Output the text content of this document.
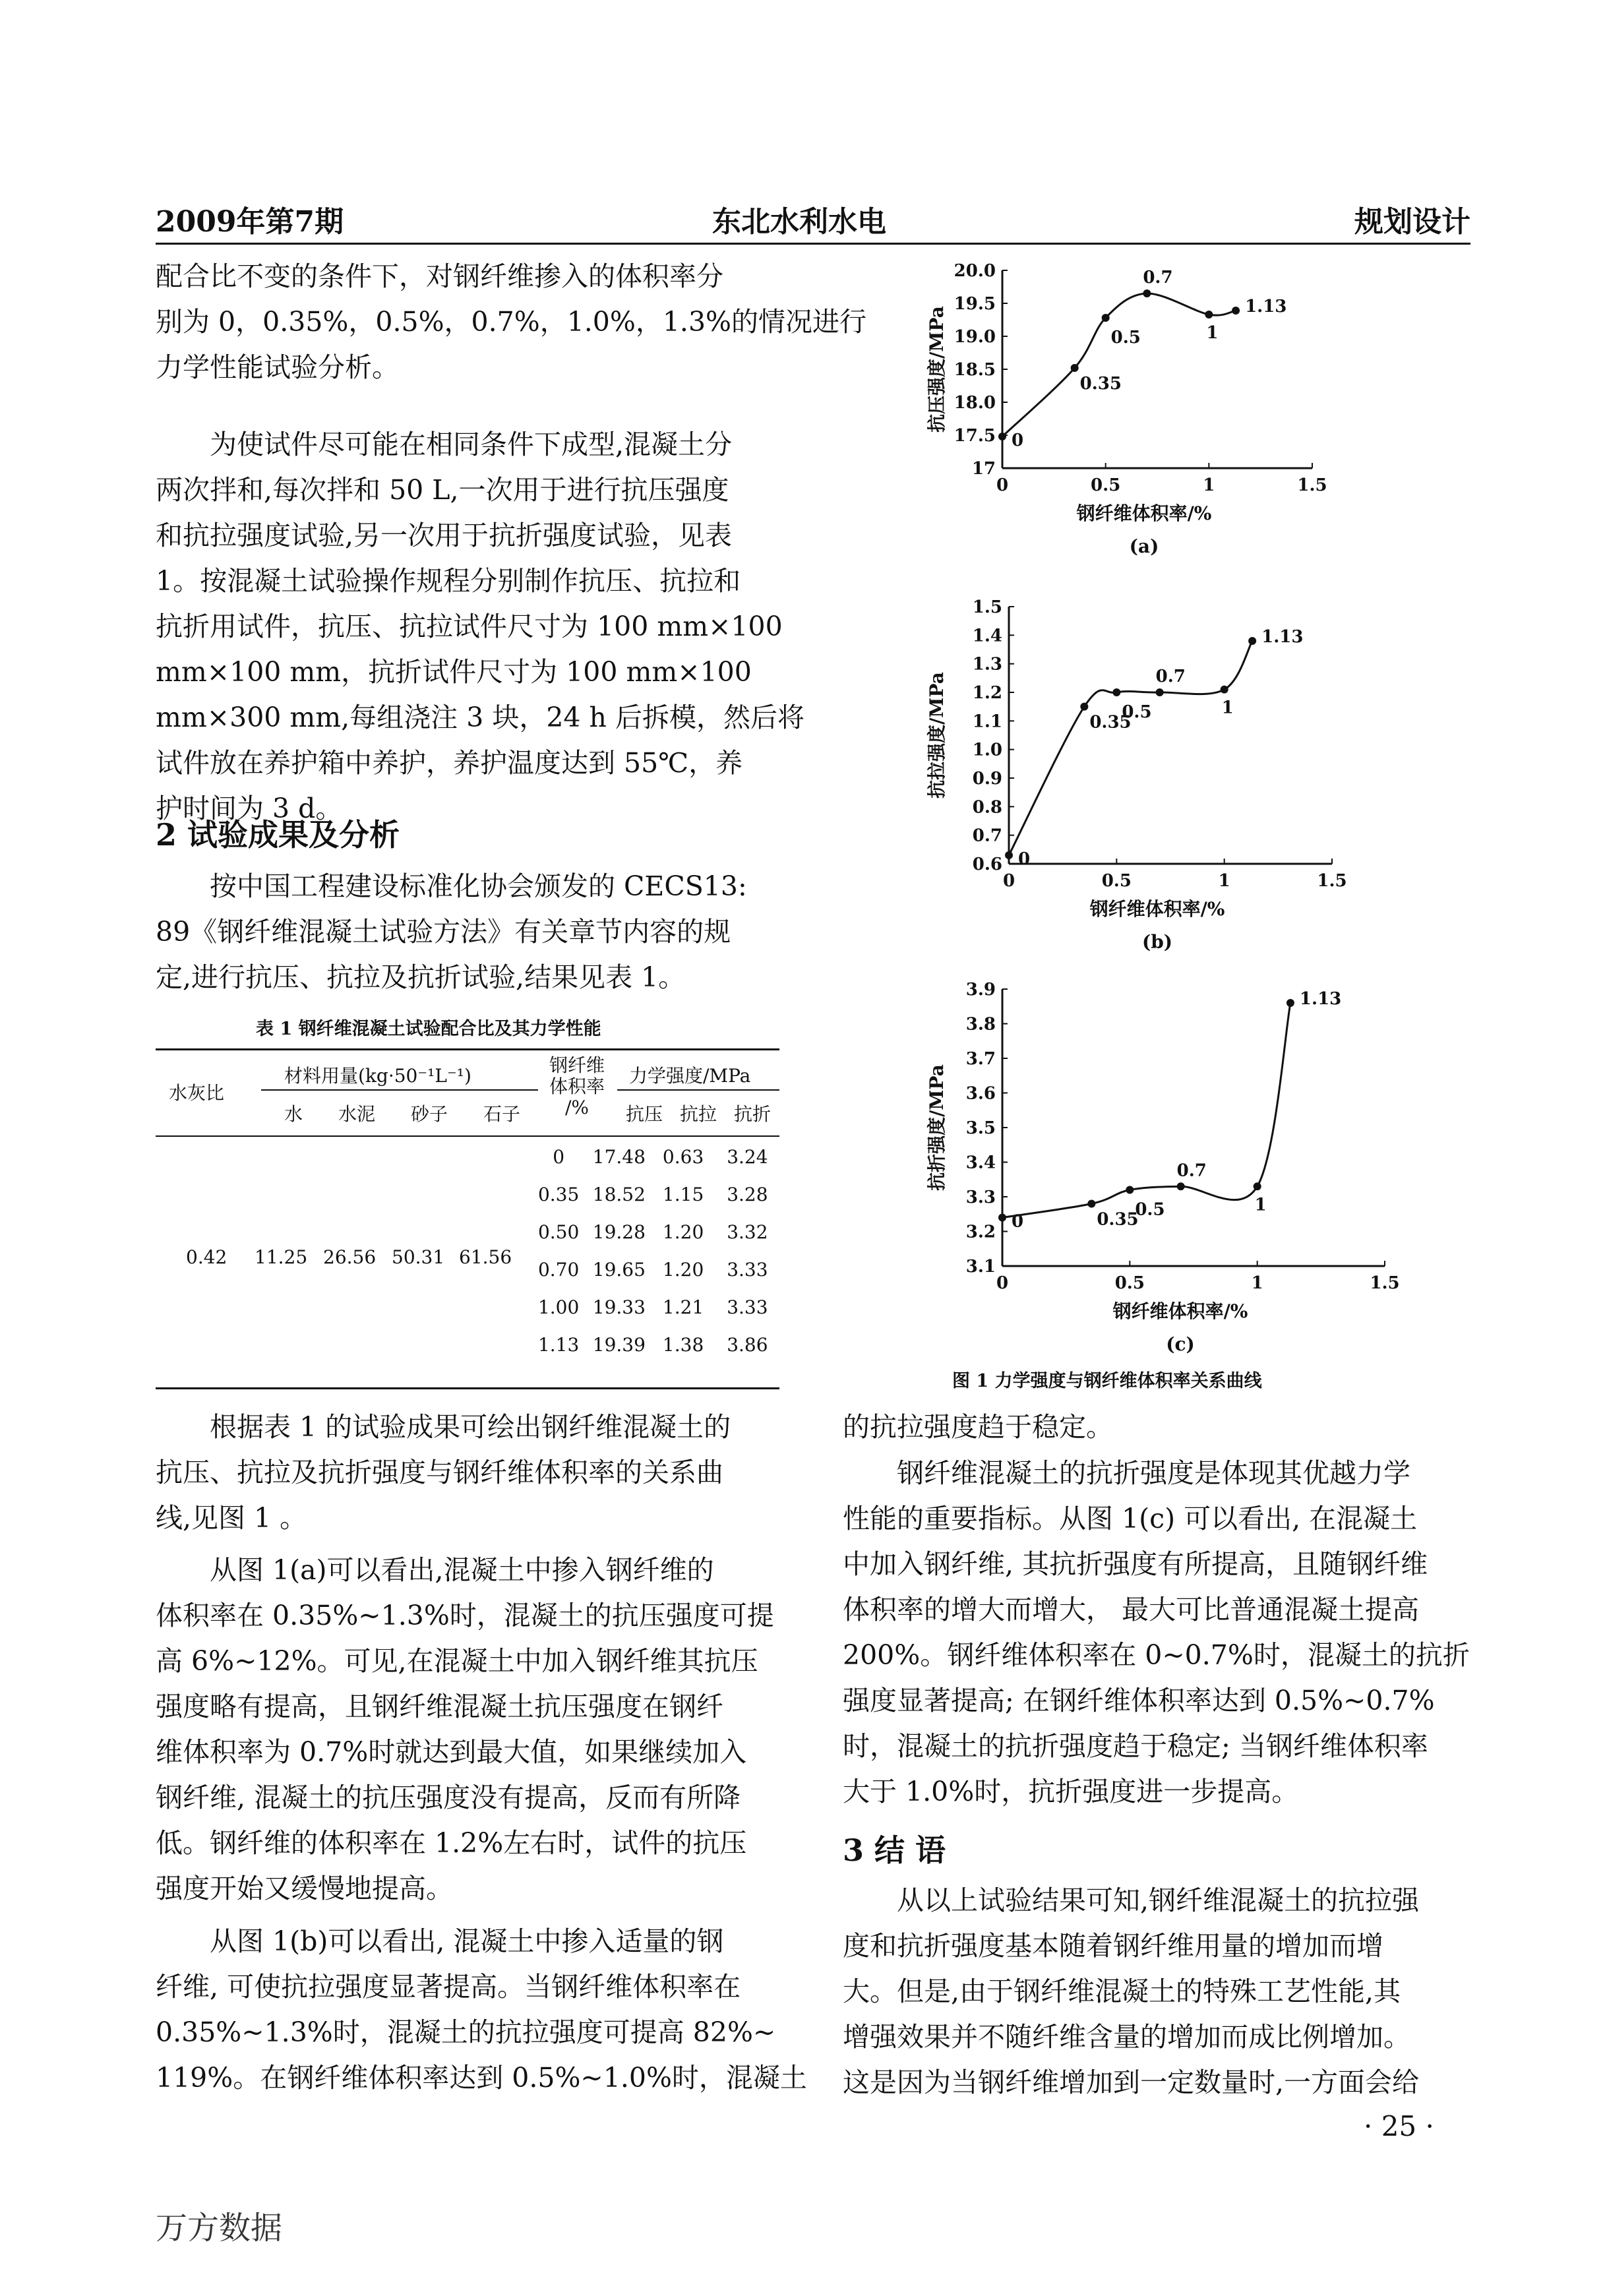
2009年第7期	东北水利水电	规划设计
配合比不变的条件下，对钢纤维掺入的体积率分
别为 0，0.35%，0.5%，0.7%，1.0%，1.3%的情况进行
力学性能试验分析。
为使试件尽可能在相同条件下成型,混凝土分
两次拌和,每次拌和 50 L,一次用于进行抗压强度
和抗拉强度试验,另一次用于抗折强度试验，见表
1。按混凝土试验操作规程分别制作抗压、抗拉和
抗折用试件，抗压、抗拉试件尺寸为 100 mm×100
mm×100 mm，抗折试件尺寸为 100 mm×100
mm×300 mm,每组浇注 3 块，24 h 后拆模，然后将
试件放在养护箱中养护，养护温度达到 55℃，养
护时间为 3 d。
2 试验成果及分析
按中国工程建设标准化协会颁发的 CECS13:
89《钢纤维混凝土试验方法》有关章节内容的规
定,进行抗压、抗拉及抗折试验,结果见表 1。
表 1 钢纤维混凝土试验配合比及其力学性能
水灰比
材料用量(kg·50⁻¹L⁻¹)
水 水泥 砂子 石子
钢纤维
体积率
/%
力学强度/MPa
抗压 抗拉 抗折
0.42 11.25 26.56 50.31 61.56
0	17.48	0.63	3.24
0.35	18.52	1.15	3.28
0.50	19.28	1.20	3.32
0.70	19.65	1.20	3.33
1.00	19.33	1.21	3.33
1.13	19.39	1.38	3.86
根据表 1 的试验成果可绘出钢纤维混凝土的
抗压、抗拉及抗折强度与钢纤维体积率的关系曲
线,见图 1 。
从图 1(a)可以看出,混凝土中掺入钢纤维的
体积率在 0.35%~1.3%时，混凝土的抗压强度可提
高 6%~12%。可见,在混凝土中加入钢纤维其抗压
强度略有提高，且钢纤维混凝土抗压强度在钢纤
维体积率为 0.7%时就达到最大值，如果继续加入
钢纤维, 混凝土的抗压强度没有提高，反而有所降
低。钢纤维的体积率在 1.2%左右时，试件的抗压
强度开始又缓慢地提高。
从图 1(b)可以看出, 混凝土中掺入适量的钢
纤维, 可使抗拉强度显著提高。当钢纤维体积率在
0.35%~1.3%时，混凝土的抗拉强度可提高 82%~
119%。在钢纤维体积率达到 0.5%~1.0%时，混凝土
17
17.5
18.0
18.5
19.0
19.5
20.0
0	0.5	1	1.5
0
0.35
0.5
0.7
1
1.13
钢纤维体积率/%
抗压强度/MPa
(a)
0.6
0.7
0.8
0.9
1.0
1.1
1.2
1.3
1.4
1.5
0	0.5	1	1.5
0
0.35
0.5
0.7
1
1.13
钢纤维体积率/%
抗拉强度/MPa
(b)
3.1
3.2
3.3
3.4
3.5
3.6
3.7
3.8
3.9
0	0.5	1	1.5
0	0.35
0.5
0.7
1
1.13
钢纤维体积率/%
抗折强度/MPa
(c)
图 1 力学强度与钢纤维体积率关系曲线
的抗拉强度趋于稳定。
钢纤维混凝土的抗折强度是体现其优越力学
性能的重要指标。从图 1(c) 可以看出, 在混凝土
中加入钢纤维, 其抗折强度有所提高，且随钢纤维
体积率的增大而增大， 最大可比普通混凝土提高
200%。钢纤维体积率在 0~0.7%时，混凝土的抗折
强度显著提高; 在钢纤维体积率达到 0.5%~0.7%
时，混凝土的抗折强度趋于稳定; 当钢纤维体积率
大于 1.0%时，抗折强度进一步提高。
3 结 语
从以上试验结果可知,钢纤维混凝土的抗拉强
度和抗折强度基本随着钢纤维用量的增加而增
大。但是,由于钢纤维混凝土的特殊工艺性能,其
增强效果并不随纤维含量的增加而成比例增加。
这是因为当钢纤维增加到一定数量时,一方面会给
· 25 ·
万方数据
